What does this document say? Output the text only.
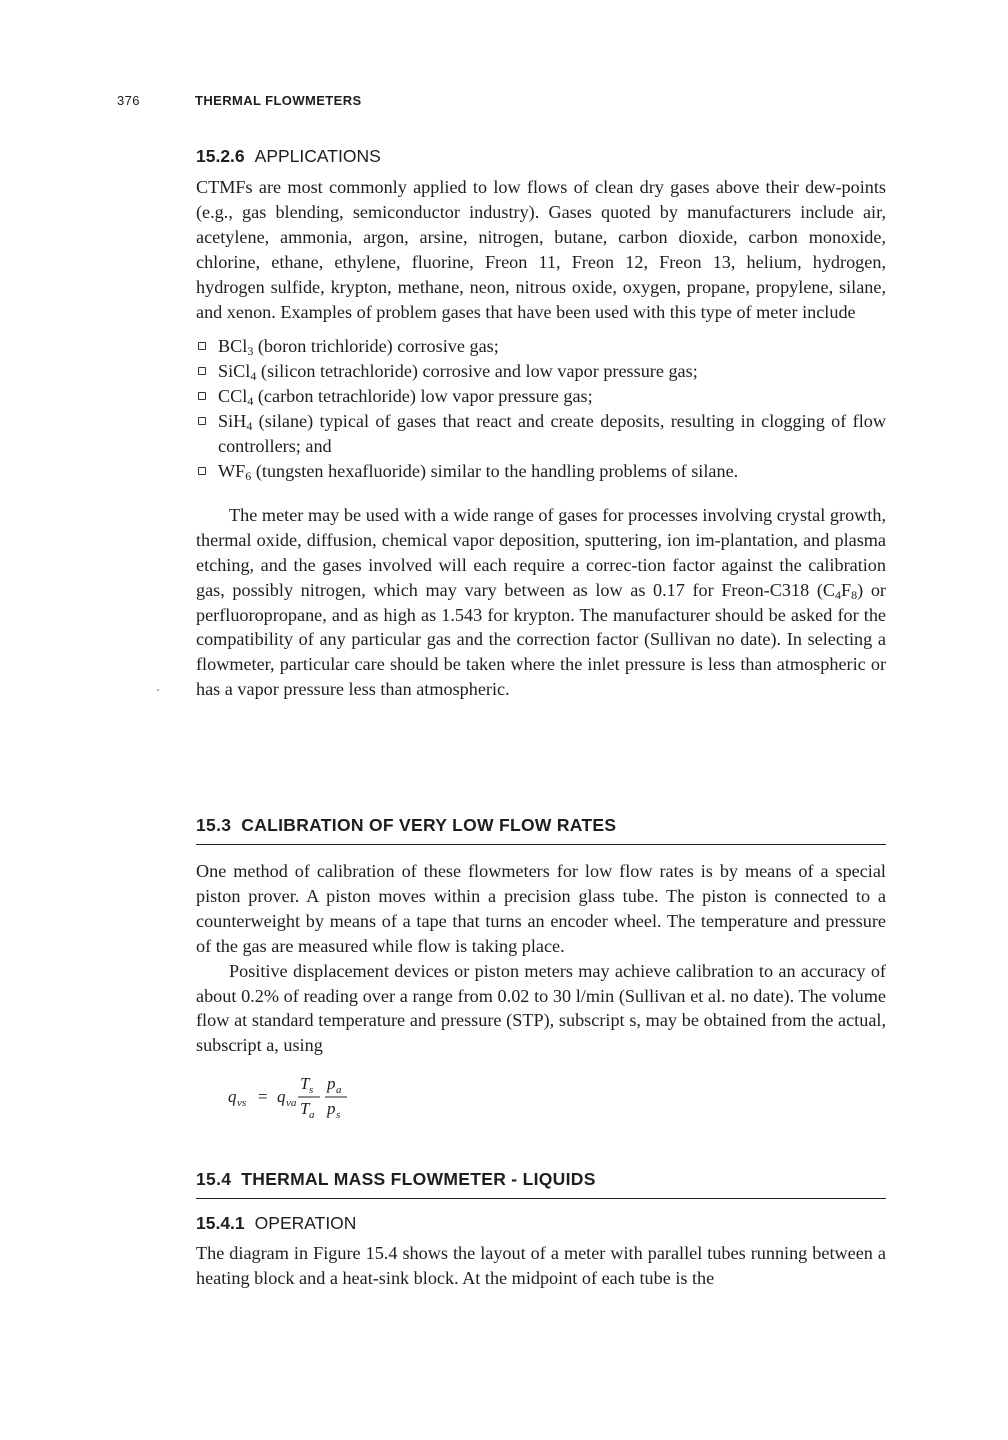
376	THERMAL FLOWMETERS
15.2.6 APPLICATIONS

CTMFs are most commonly applied to low flows of clean dry gases above their dew-points (e.g., gas blending, semiconductor industry). Gases quoted by manufacturers include air, acetylene, ammonia, argon, arsine, nitrogen, butane, carbon dioxide, carbon monoxide, chlorine, ethane, ethylene, fluorine, Freon 11, Freon 12, Freon 13, helium, hydrogen, hydrogen sulfide, krypton, methane, neon, nitrous oxide, oxygen, propane, propylene, silane, and xenon. Examples of problem gases that have been used with this type of meter include

BCl$_3$ (boron trichloride) corrosive gas;
SiCl$_4$ (silicon tetrachloride) corrosive and low vapor pressure gas;
CCl$_4$ (carbon tetrachloride) low vapor pressure gas;
SiH$_4$ (silane) typical of gases that react and create deposits, resulting in clogging of flow controllers; and
$WF_6$ (tungsten hexafluoride) similar to the handling problems of silane.

The meter may be used with a wide range of gases for processes involving crystal growth, thermal oxide, diffusion, chemical vapor deposition, sputtering, ion im-plantation, and plasma etching, and the gases involved will each require a correc-tion factor against the calibration gas, possibly nitrogen, which may vary between as low as 0.17 for Freon-C318 $(C_4F_8)$ or perfluoropropane, and as high as 1.543 for krypton. The manufacturer should be asked for the compatibility of any particular gas and the correction factor (Sullivan no date). In selecting a flowmeter, particular care should be taken where the inlet pressure is less than atmospheric or has a vapor pressure less than atmospheric.

15.3 CALIBRATION OF VERY LOW FLOW RATES

One method of calibration of these flowmeters for low flow rates is by means of a special piston prover. A piston moves within a precision glass tube. The piston is connected to a counterweight by means of a tape that turns an encoder wheel. The temperature and pressure of the gas are measured while flow is taking place.

Positive displacement devices or piston meters may achieve calibration to an accuracy of about 0.2% of reading over a range from 0.02 to 30 l/min (Sullivan et al. no date). The volume flow at standard temperature and pressure (STP), subscript s, may be obtained from the actual, subscript a, using

q vs = q va
T s
T a
p a
p s
15.4 THERMAL MASS FLOWMETER - LIQUIDS
15.4.1 OPERATION

The diagram in Figure 15.4 shows the layout of a meter with parallel tubes running between a heating block and a heat-sink block. At the midpoint of each tube is the
